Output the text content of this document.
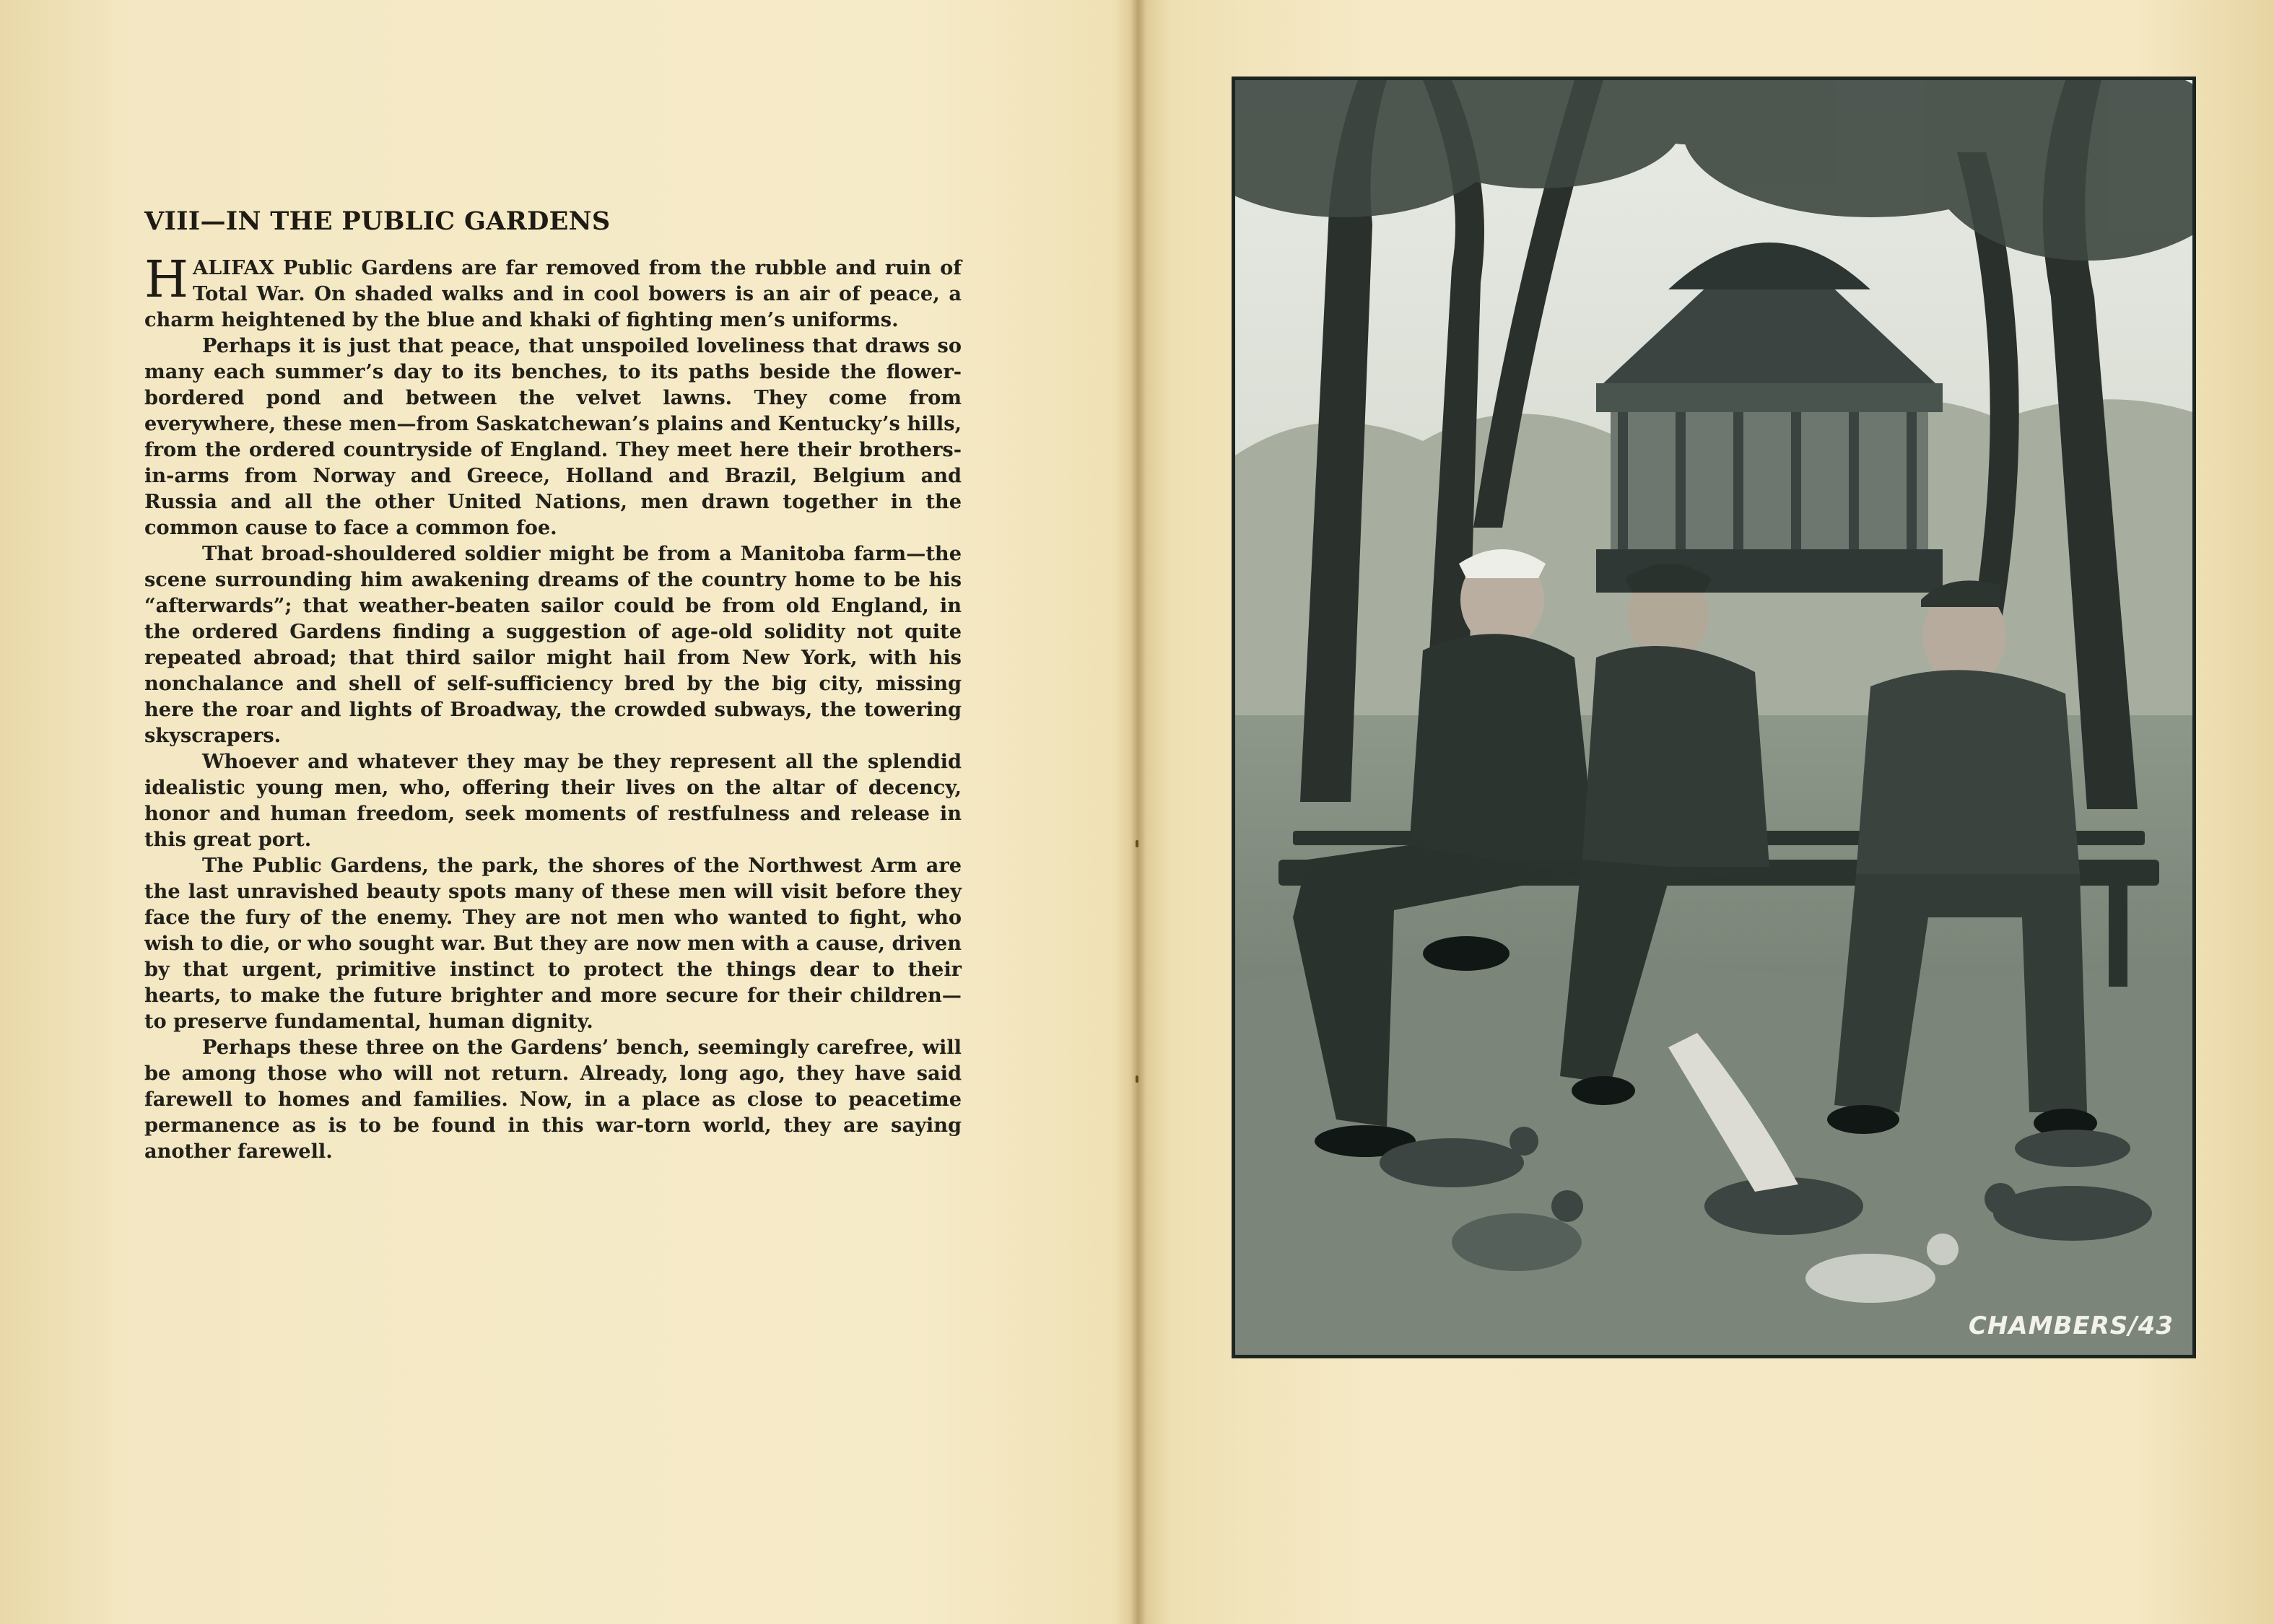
VIII—IN THE PUBLIC GARDENS

HALIFAX Public Gardens are far removed from the rubble and ruin of Total War. On shaded walks and in cool bowers is an air of peace, a charm heightened by the blue and khaki of fighting men’s uniforms.

Perhaps it is just that peace, that unspoiled loveliness that draws so many each summer’s day to its benches, to its paths beside the flower-bordered pond and between the velvet lawns. They come from everywhere, these men—from Saskatchewan’s plains and Kentucky’s hills, from the ordered countryside of England. They meet here their brothers-in-arms from Norway and Greece, Holland and Brazil, Belgium and Russia and all the other United Nations, men drawn together in the common cause to face a common foe.

That broad-shouldered soldier might be from a Manitoba farm—the scene surrounding him awakening dreams of the country home to be his “afterwards”; that weather-beaten sailor could be from old England, in the ordered Gardens finding a suggestion of age-old solidity not quite repeated abroad; that third sailor might hail from New York, with his nonchalance and shell of self-sufficiency bred by the big city, missing here the roar and lights of Broadway, the crowded subways, the towering skyscrapers.

Whoever and whatever they may be they represent all the splendid idealistic young men, who, offering their lives on the altar of decency, honor and human freedom, seek moments of restfulness and release in this great port.

The Public Gardens, the park, the shores of the Northwest Arm are the last unravished beauty spots many of these men will visit before they face the fury of the enemy. They are not men who wanted to fight, who wish to die, or who sought war. But they are now men with a cause, driven by that urgent, primitive instinct to protect the things dear to their hearts, to make the future brighter and more secure for their children—to preserve fundamental, human dignity.

Perhaps these three on the Gardens’ bench, seemingly carefree, will be among those who will not return. Already, long ago, they have said farewell to homes and families. Now, in a place as close to peacetime permanence as is to be found in this war-torn world, they are saying another farewell.

CHAMBERS/43
